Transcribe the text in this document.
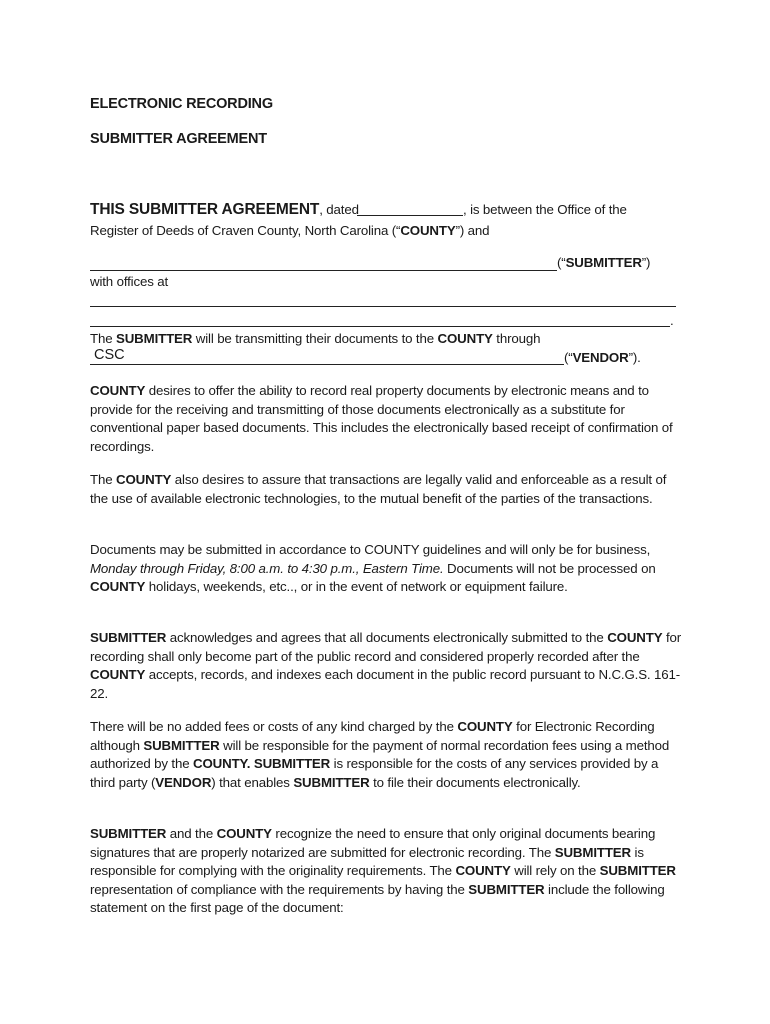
ELECTRONIC RECORDING
SUBMITTER AGREEMENT
THIS SUBMITTER AGREEMENT, dated	, is between the Office of the
Register of Deeds of Craven County, North Carolina (“COUNTY”) and
(“SUBMITTER”)
with offices at
.
The SUBMITTER will be transmitting their documents to the COUNTY through
CSC	(“VENDOR”).

COUNTY desires to offer the ability to record real property documents by electronic means and to provide for the receiving and transmitting of those documents electronically as a substitute for conventional paper based documents. This includes the electronically based receipt of confirmation of recordings.

The COUNTY also desires to assure that transactions are legally valid and enforceable as a result of the use of available electronic technologies, to the mutual benefit of the parties of the transactions.

Documents may be submitted in accordance to COUNTY guidelines and will only be for business, Monday through Friday, 8:00 a.m. to 4:30 p.m., Eastern Time. Documents will not be processed on COUNTY holidays, weekends, etc.., or in the event of network or equipment failure.

SUBMITTER acknowledges and agrees that all documents electronically submitted to the COUNTY for recording shall only become part of the public record and considered properly recorded after the COUNTY accepts, records, and indexes each document in the public record pursuant to N.C.G.S. 161-22.

There will be no added fees or costs of any kind charged by the COUNTY for Electronic Recording although SUBMITTER will be responsible for the payment of normal recordation fees using a method authorized by the COUNTY. SUBMITTER is responsible for the costs of any services provided by a third party (VENDOR) that enables SUBMITTER to file their documents electronically.

SUBMITTER and the COUNTY recognize the need to ensure that only original documents bearing signatures that are properly notarized are submitted for electronic recording. The SUBMITTER is responsible for complying with the originality requirements. The COUNTY will rely on the SUBMITTER representation of compliance with the requirements by having the SUBMITTER include the following statement on the first page of the document:
